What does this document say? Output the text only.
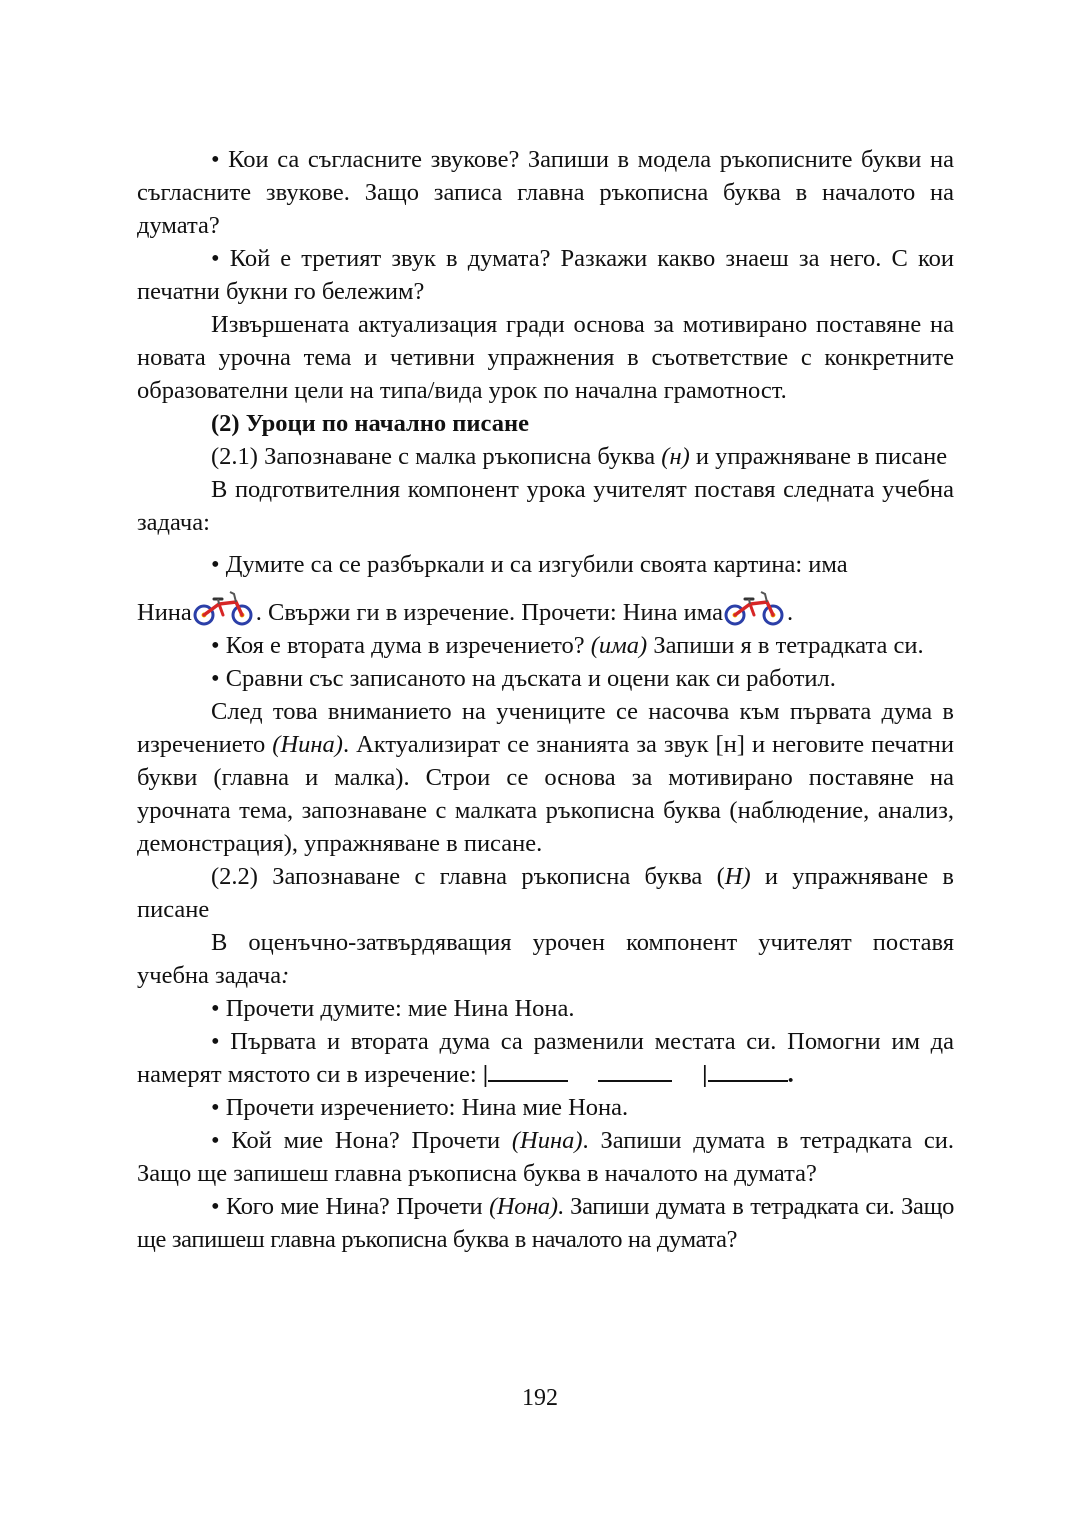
• Кои са съгласните звукове? Запиши в модела ръкописните букви на съгласните звукове. Защо записа главна ръкописна буква в началото на думата?

• Кой е третият звук в думата? Разкажи какво знаеш за него. С кои печатни букни го бележим?

Извършената актуализация гради основа за мотивирано поставяне на новата урочна тема и четивни упражнения в съответствие с конкретните образователни цели на типа/вида урок по начална грамотност.

(2) Уроци по начално писане

(2.1) Запознаване с малка ръкописна буква (н) и упражняване в писане

В подготвителния компонент урока учителят поставя следната учебна задача:

• Думите са се разбъркали и са изгубили своята картина: има

Нина	. Свържи ги в изречение. Прочети: Нина има	.

• Коя е втората дума в изречението? (има) Запиши я в тетрадката си.

• Сравни със записаното на дъската и оцени как си работил.

След това вниманието на учениците се насочва към първата дума в изречението (Нина). Актуализират се знанията за звук [н] и неговите печатни букви (главна и малка). Строи се основа за мотивирано поставяне на урочната тема, запознаване с малката ръкописна буква (наблюдение, анализ, демонстрация), упражняване в писане.

(2.2) Запознаване с главна ръкописна буква (Н) и упражняване в писане

В оценъчно-затвърдяващия урочен компонент учителят поставя учебна задача:

• Прочети думите: мие Нина Нона.

• Първата и втората дума са разменили местата си. Помогни им да намерят мястото си в изречение: |	|	.

• Прочети изречението: Нина мие Нона.

• Кой мие Нона? Прочети (Нина). Запиши думата в тетрадката си. Защо ще запишеш главна ръкописна буква в началото на думата?

• Кого мие Нина? Прочети (Нона). Запиши думата в тетрадката си. Защо ще запишеш главна ръкописна буква в началото на думата?

192
